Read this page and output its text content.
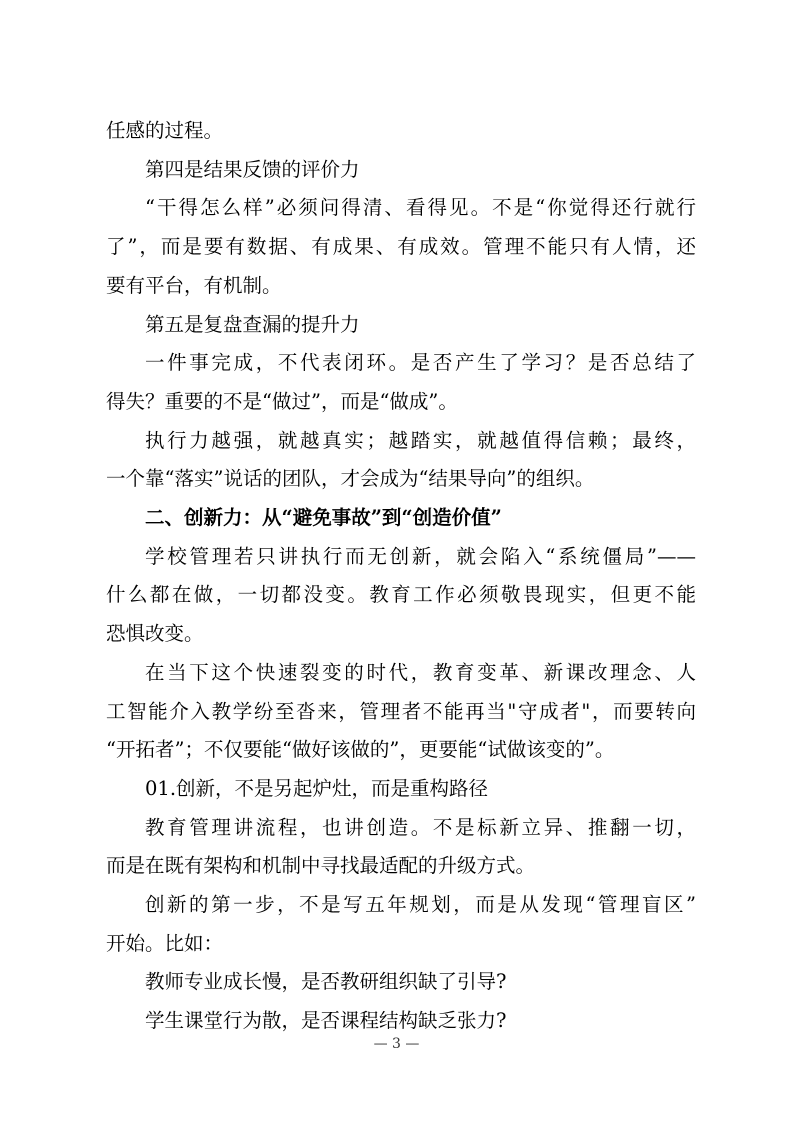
任感的过程。
第四是结果反馈的评价力
“干得怎么样”必须问得清、看得见。不是“你觉得还行就行
了”，而是要有数据、有成果、有成效。管理不能只有人情，还
要有平台，有机制。
第五是复盘查漏的提升力
一件事完成，不代表闭环。是否产生了学习？是否总结了
得失？重要的不是“做过”，而是“做成”。
执行力越强，就越真实；越踏实，就越值得信赖；最终，
一个靠“落实”说话的团队，才会成为“结果导向”的组织。
二、创新力：从“避免事故”到“创造价值”
学校管理若只讲执行而无创新，就会陷入“系统僵局”——
什么都在做，一切都没变。教育工作必须敬畏现实，但更不能
恐惧改变。
在当下这个快速裂变的时代，教育变革、新课改理念、人
工智能介入教学纷至沓来，管理者不能再当"守成者"，而要转向
“开拓者”；不仅要能“做好该做的”，更要能“试做该变的”。
01.创新，不是另起炉灶，而是重构路径
教育管理讲流程，也讲创造。不是标新立异、推翻一切，
而是在既有架构和机制中寻找最适配的升级方式。
创新的第一步，不是写五年规划，而是从发现“管理盲区”
开始。比如：
教师专业成长慢，是否教研组织缺了引导?
学生课堂行为散，是否课程结构缺乏张力?
— 3 —
